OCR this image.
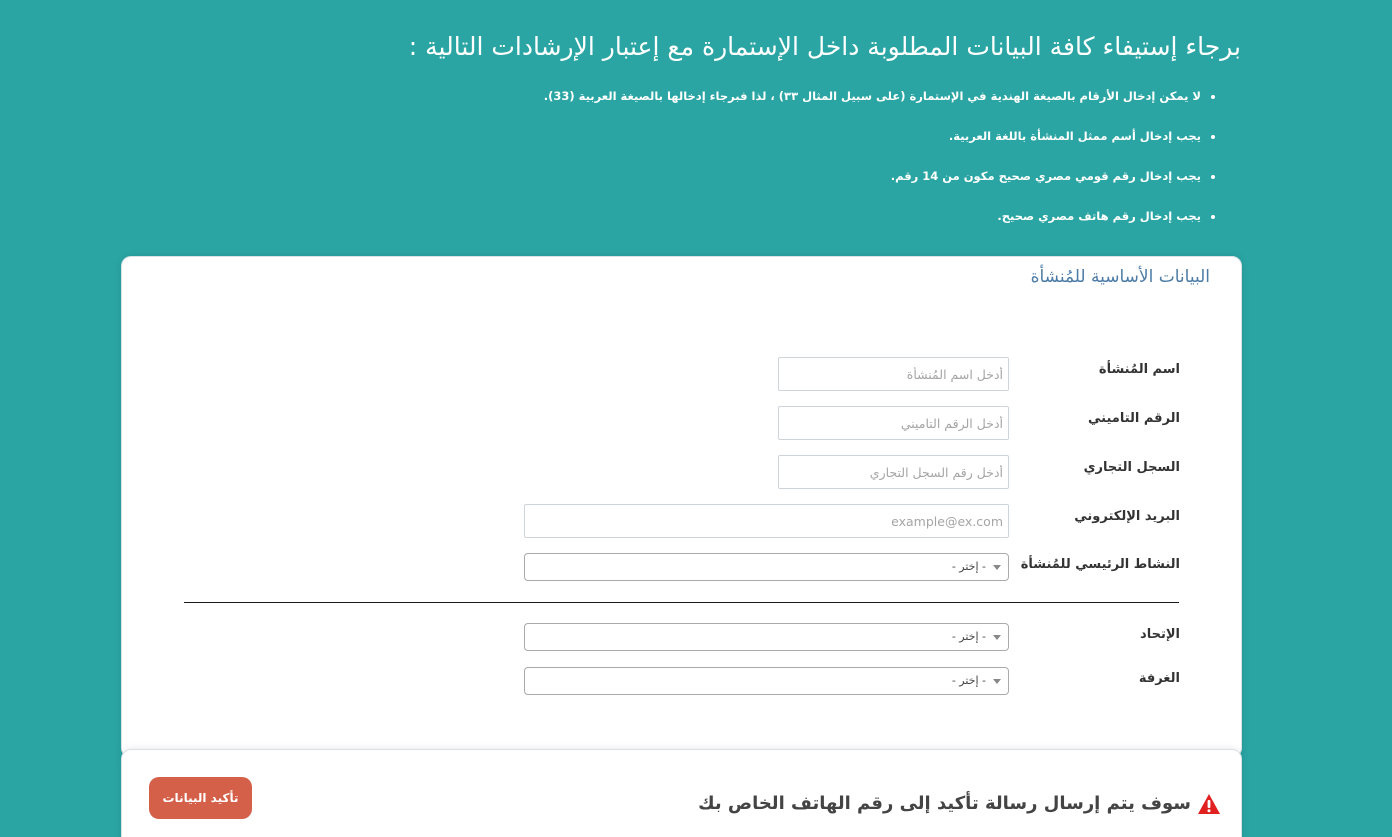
برجاء إستيفاء كافة البيانات المطلوبة داخل الإستمارة مع إعتبار الإرشادات التالية :
• لا يمكن إدخال الأرقام بالصيغة الهندية في الإستمارة (على سبيل المثال ٣٣) ، لذا فبرجاء إدخالها بالصيغة العربية (33).
• يجب إدخال أسم ممثل المنشأة باللغة العربية.
• يجب إدخال رقم قومي مصري صحيح مكون من 14 رقم.
• يجب إدخال رقم هاتف مصري صحيح.
البيانات الأساسية للمُنشأة
اسم المُنشأة
أدخل اسم المُنشأة
الرقم التاميني
أدخل الرقم التاميني
السجل التجاري
أدخل رقم السجل التجاري
البريد الإلكتروني
example@ex.com
النشاط الرئيسي للمُنشأة
- إختر -
الإتحاد
- إختر -
الغرفة
- إختر -
سوف يتم إرسال رسالة تأكيد إلى رقم الهاتف الخاص بك
تأكيد البيانات
